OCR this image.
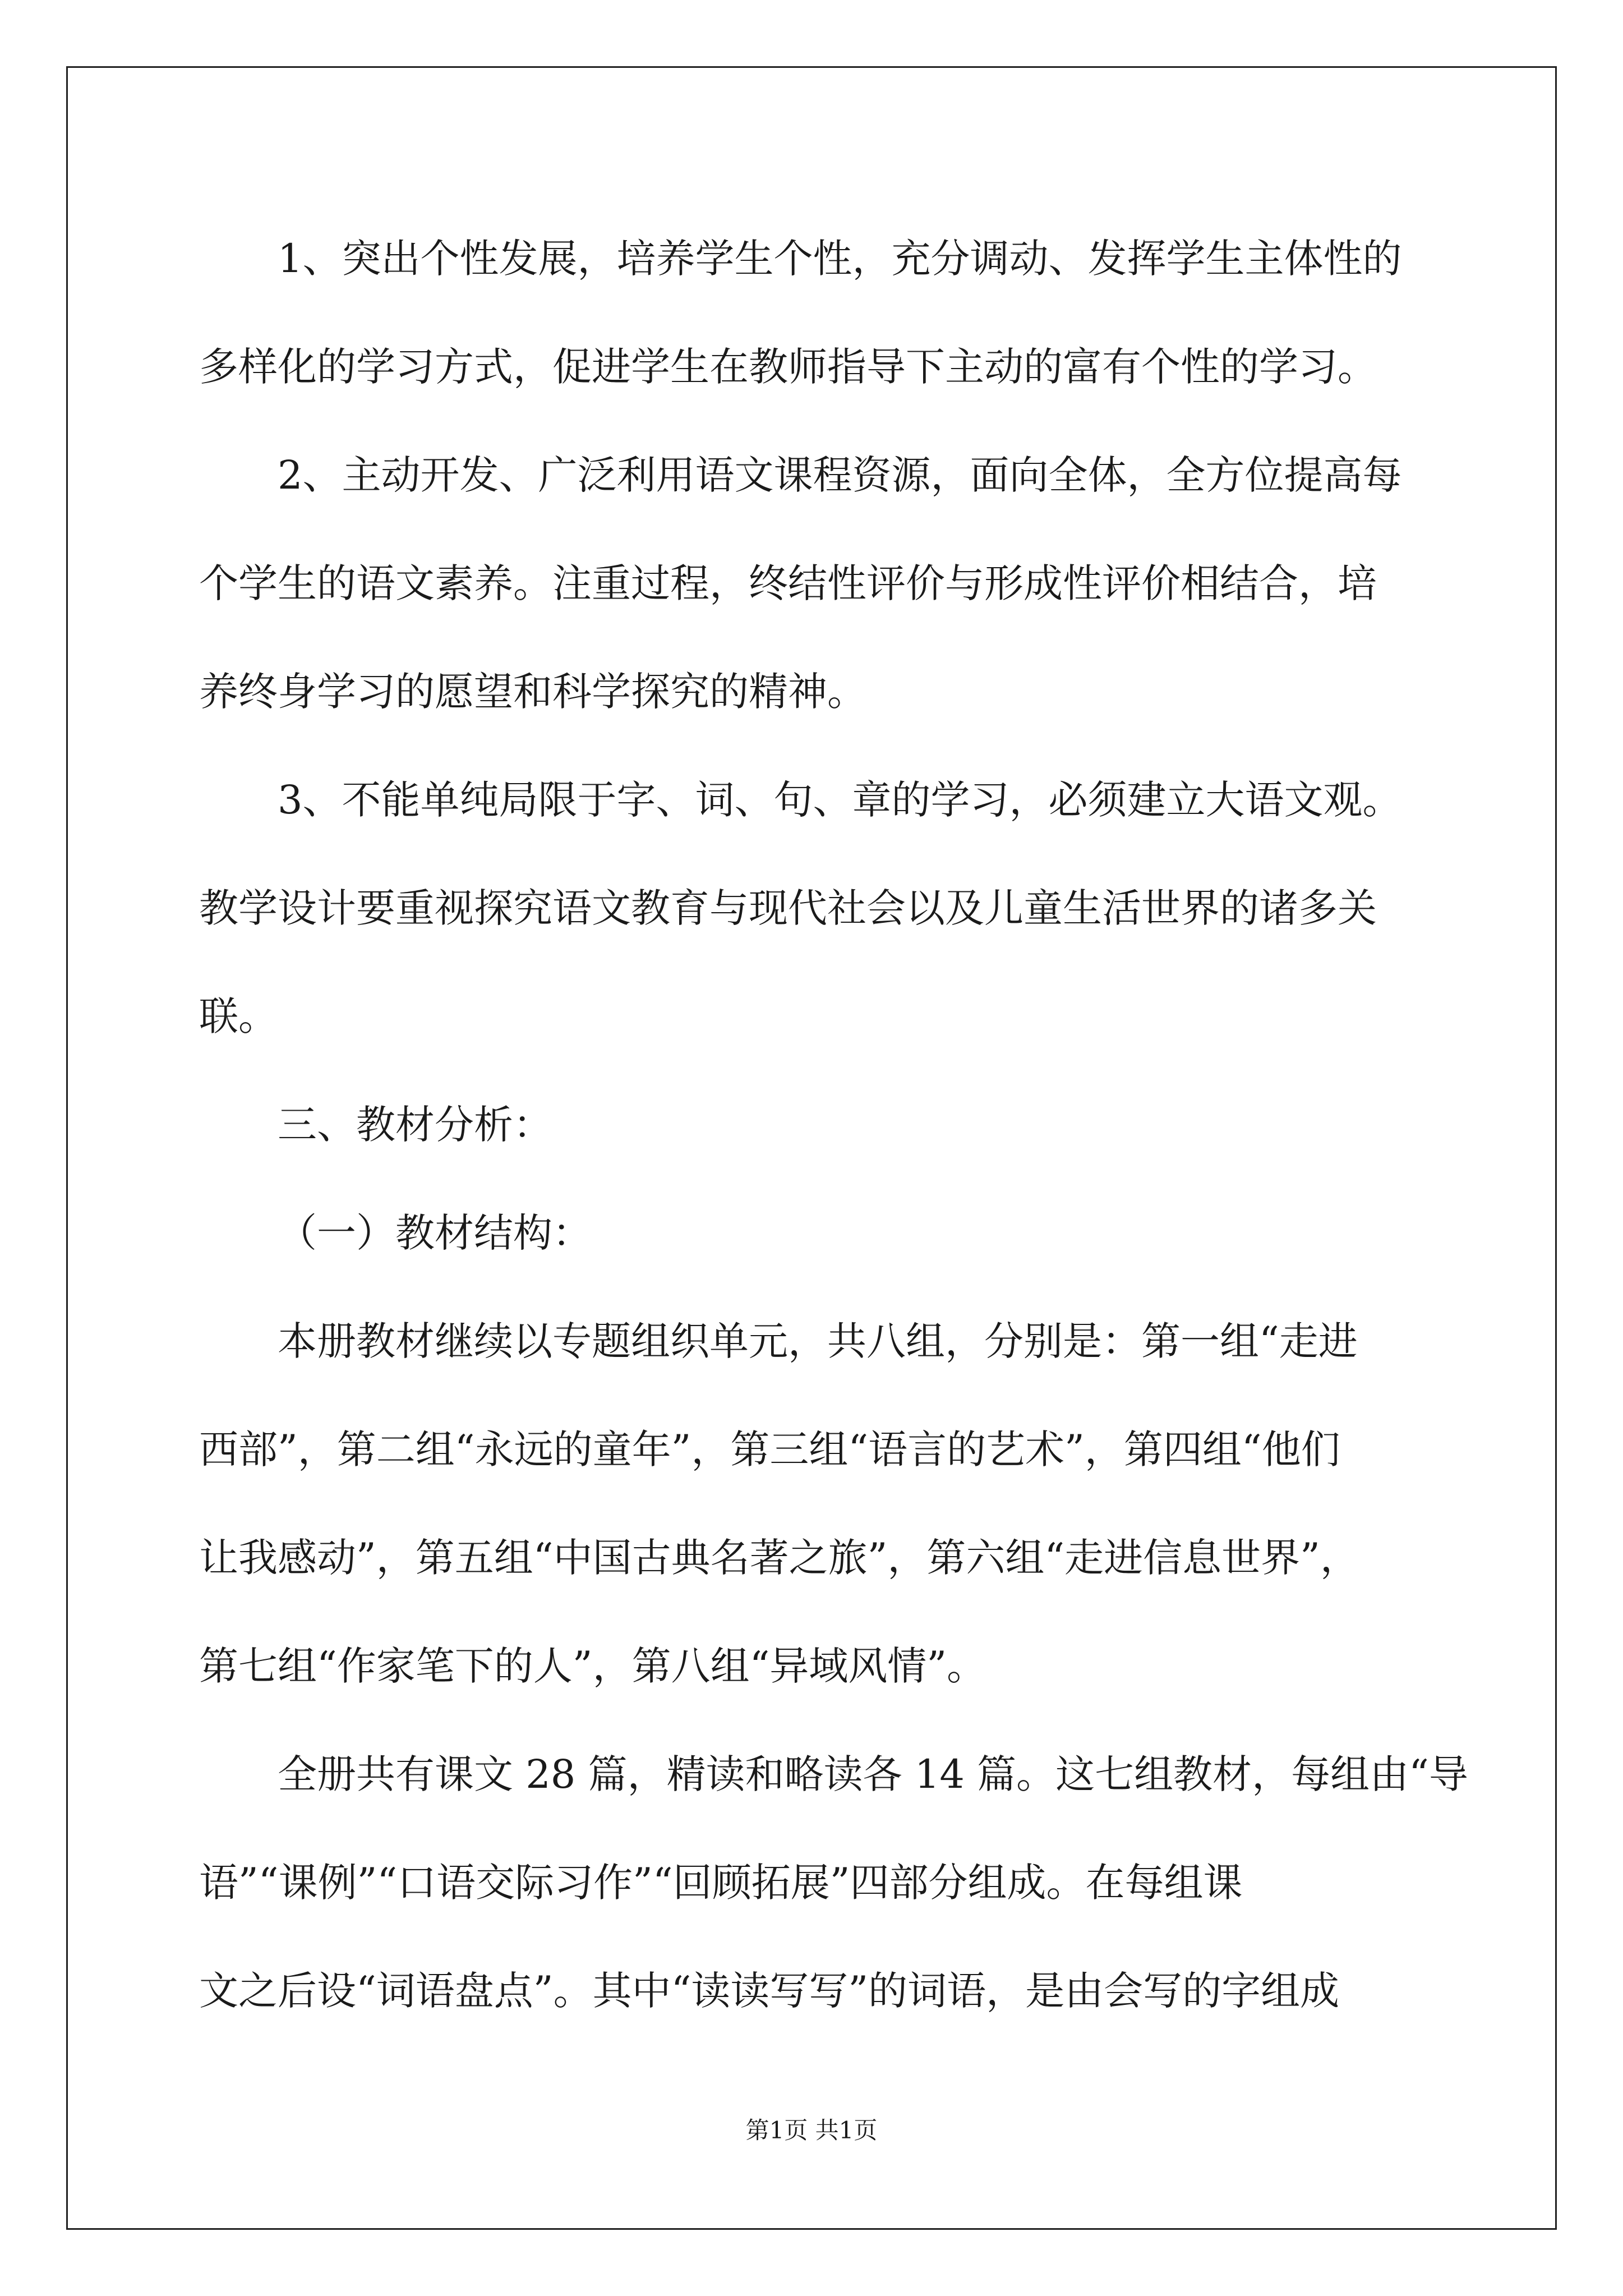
1、突出个性发展，培养学生个性，充分调动、发挥学生主体性的
多样化的学习方式，促进学生在教师指导下主动的富有个性的学习。
2、主动开发、广泛利用语文课程资源，面向全体，全方位提高每
个学生的语文素养。注重过程，终结性评价与形成性评价相结合，培
养终身学习的愿望和科学探究的精神。
3、不能单纯局限于字、词、句、章的学习，必须建立大语文观。
教学设计要重视探究语文教育与现代社会以及儿童生活世界的诸多关
联。
三、教材分析：
（一）教材结构：
本册教材继续以专题组织单元，共八组，分别是：第一组“走进
西部”，第二组“永远的童年”，第三组“语言的艺术”，第四组“他们
让我感动”，第五组“中国古典名著之旅”，第六组“走进信息世界”，
第七组“作家笔下的人”，第八组“异域风情”。
全册共有课文 28 篇，精读和略读各 14 篇。这七组教材，每组由“导
语”“课例”“口语交际习作”“回顾拓展”四部分组成。在每组课
文之后设“词语盘点”。其中“读读写写”的词语，是由会写的字组成
第1页 共1页
